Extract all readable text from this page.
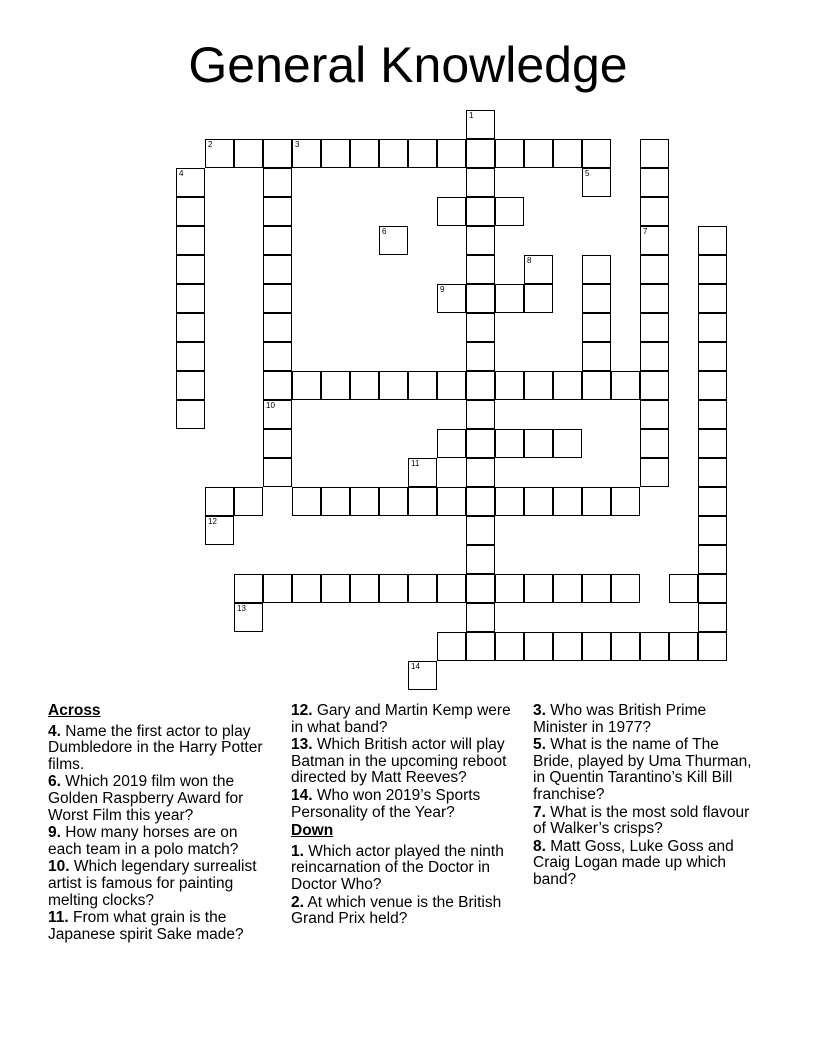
General Knowledge
2	3
4
10
1
7
5
6
8
9
11
12
13
14
Across
4. Name the first actor to play Dumbledore in the Harry Potter films.
6. Which 2019 film won the Golden Raspberry Award for Worst Film this year?
9. How many horses are on each team in a polo match?
10. Which legendary surrealist artist is famous for painting melting clocks?
11. From what grain is the Japanese spirit Sake made?
12. Gary and Martin Kemp were in what band?
13. Which British actor will play Batman in the upcoming reboot directed by Matt Reeves?
14. Who won 2019’s Sports Personality of the Year?
Down
1. Which actor played the ninth reincarnation of the Doctor in Doctor Who?
2. At which venue is the British Grand Prix held?
3. Who was British Prime Minister in 1977?
5. What is the name of The Bride, played by Uma Thurman, in Quentin Tarantino’s Kill Bill franchise?
7. What is the most sold flavour of Walker’s crisps?
8. Matt Goss, Luke Goss and Craig Logan made up which band?
